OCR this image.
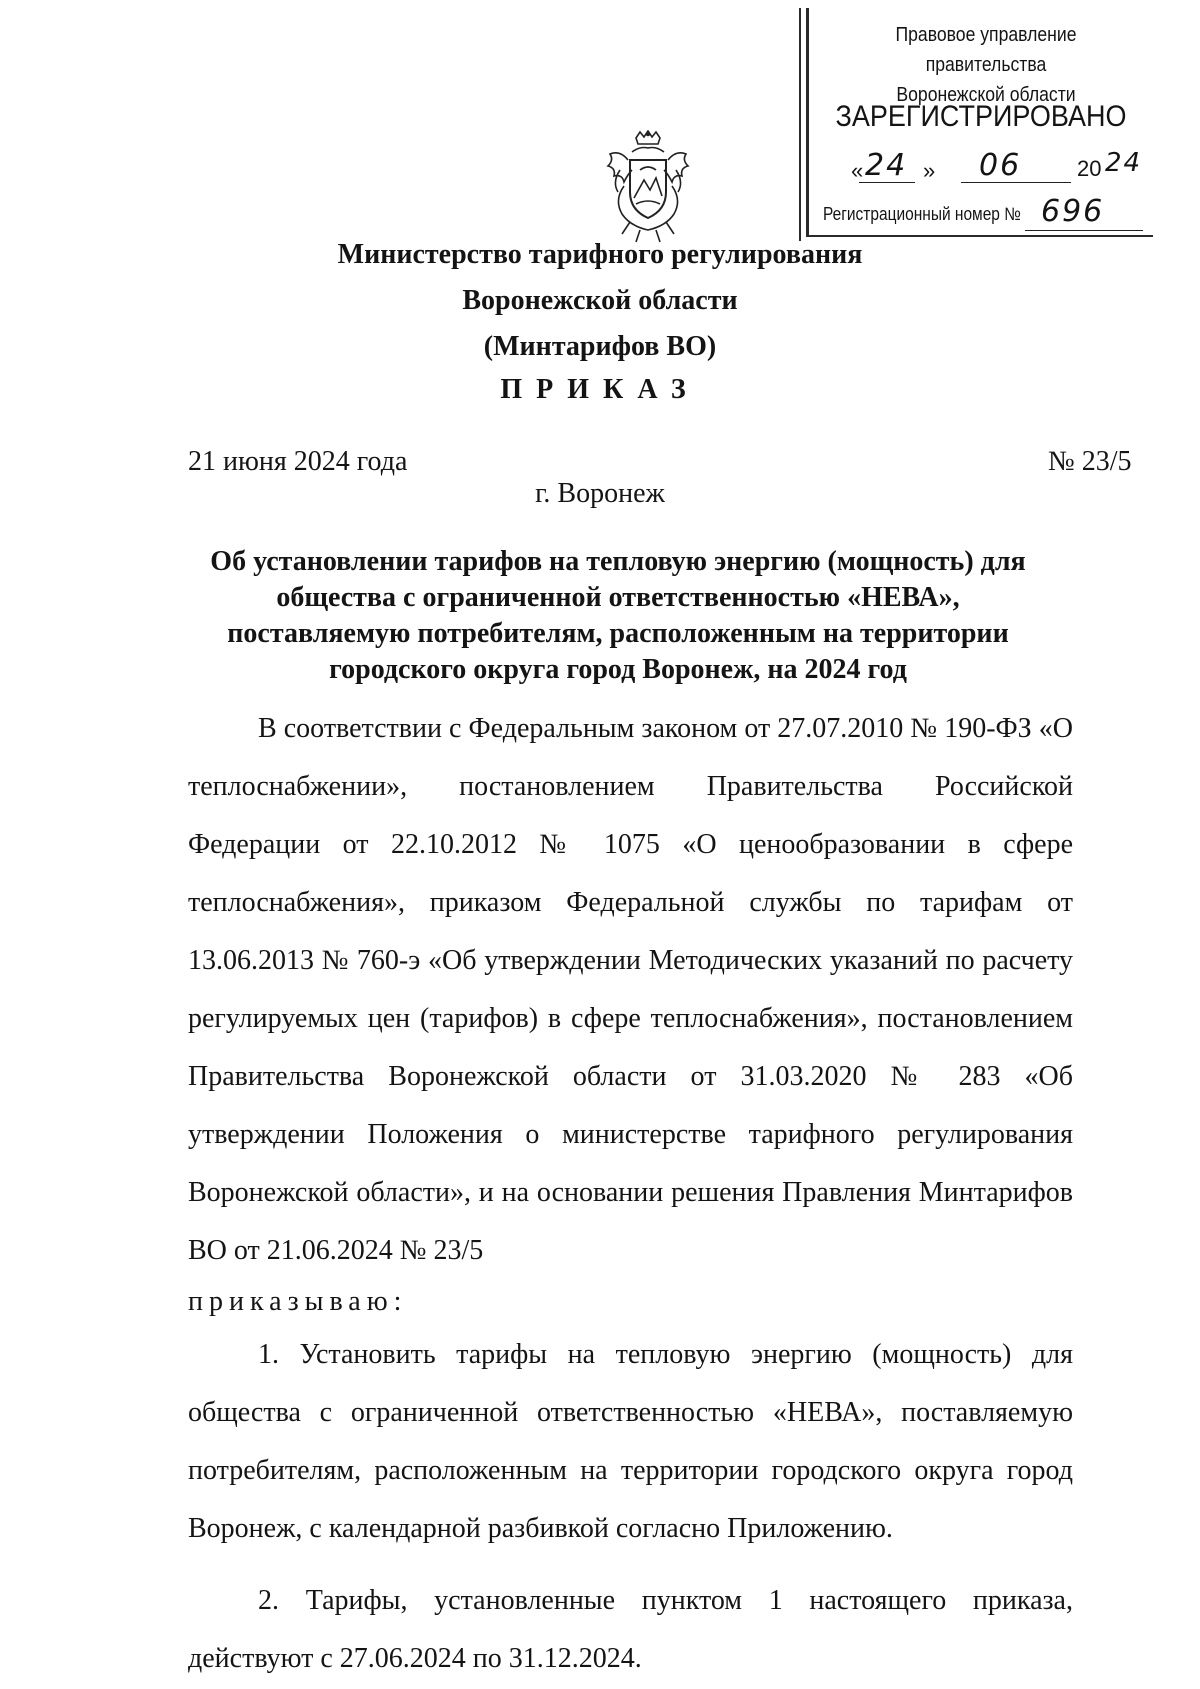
Правовое управление правительства
Воронежской области
ЗАРЕГИСТРИРОВАНО
« 24 » 06	20 24
Регистрационный номер № 696
Министерство тарифного регулирования
Воронежской области
(Минтарифов ВО)
ПРИКАЗ
21 июня 2024 года	№ 23/5
г. Воронеж
Об установлении тарифов на тепловую энергию (мощность) для общества с ограниченной ответственностью «НЕВА», поставляемую потребителям, расположенным на территории городского округа город Воронеж, на 2024 год

В соответствии с Федеральным законом от 27.07.2010 № 190-ФЗ «О теплоснабжении», постановлением Правительства Российской Федерации от 22.10.2012 № 1075 «О ценообразовании в сфере теплоснабжения», приказом Федеральной службы по тарифам от 13.06.2013 № 760-э «Об утверждении Методических указаний по расчету регулируемых цен (тарифов) в сфере теплоснабжения», постановлением Правительства Воронежской области от 31.03.2020 № 283 «Об утверждении Положения о министерстве тарифного регулирования Воронежской области», и на основании решения Правления Минтарифов ВО от 21.06.2024 № 23/5

приказываю:

1. Установить тарифы на тепловую энергию (мощность) для общества с ограниченной ответственностью «НЕВА», поставляемую потребителям, расположенным на территории городского округа город Воронеж, с календарной разбивкой согласно Приложению.

2. Тарифы, установленные пунктом 1 настоящего приказа, действуют с 27.06.2024 по 31.12.2024.
